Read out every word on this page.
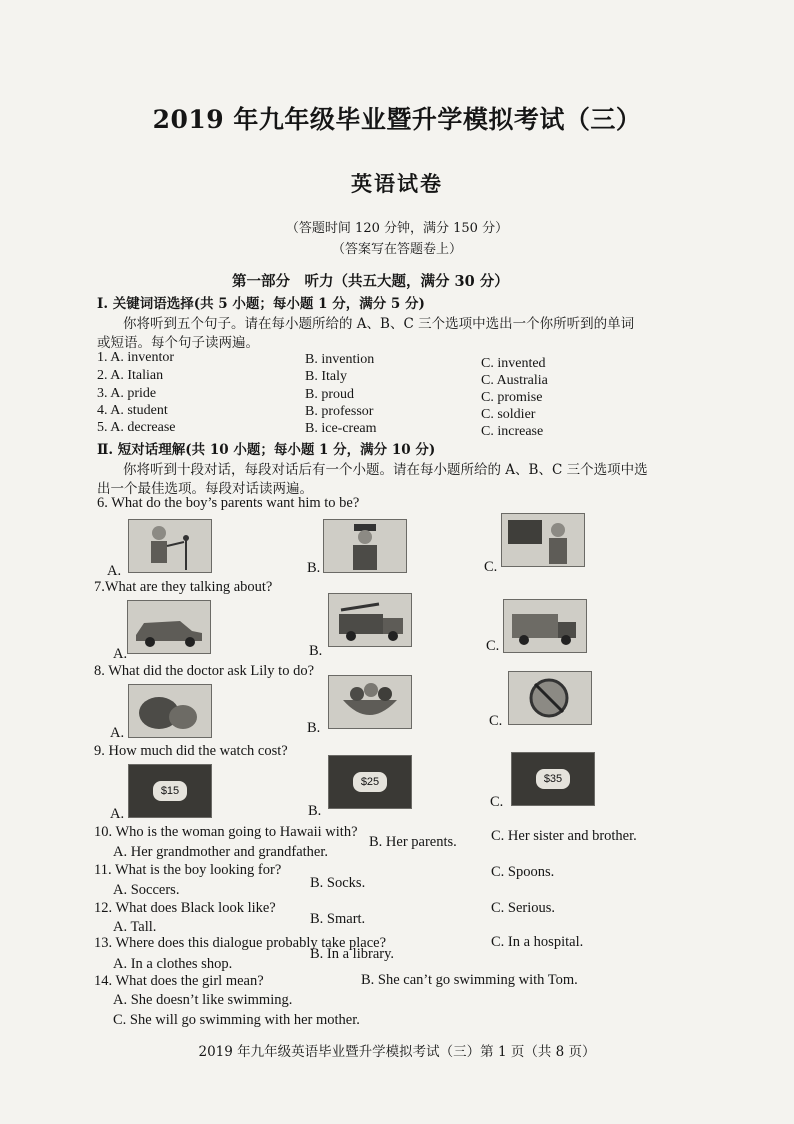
2019 年九年级毕业暨升学模拟考试（三）
英语试卷
（答题时间 120 分钟，满分 150 分）
（答案写在答题卷上）
第一部分　听力（共五大题，满分 30 分）
Ⅰ. 关键词语选择(共 5 小题；每小题 1 分，满分 5 分)
你将听到五个句子。请在每小题所给的 A、B、C 三个选项中选出一个你所听到的单词
或短语。每个句子读两遍。
1. A. inventor	B. invention	C. invented
2. A. Italian	B. Italy	C. Australia
3. A. pride	B. proud	C. promise
4. A. student	B. professor	C. soldier
5. A. decrease	B. ice-cream	C. increase
Ⅱ. 短对话理解(共 10 小题；每小题 1 分，满分 10 分)
你将听到十段对话，每段对话后有一个小题。请在每小题所给的 A、B、C 三个选项中选
出一个最佳选项。每段对话读两遍。
6. What do the boy’s parents want him to be?
A.	B.	C.
7.What are they talking about?
A.	B.	C.
8. What did the doctor ask Lily to do?
A.	B.	C.
9. How much did the watch cost?
A.
$15
B.
$25
C.
$35
10. Who is the woman going to Hawaii with?
A. Her grandmother and grandfather.
B. Her parents. C. Her sister and brother.
11. What is the boy looking for?
A. Soccers.	B. Socks.
C. Spoons.
12. What does Black look like?
A. Tall.	B. Smart.
C. Serious.
13. Where does this dialogue probably take place?
A. In a clothes shop.
B. In a library.
C. In a hospital.
14. What does the girl mean?	B. She can’t go swimming with Tom.
A. She doesn’t like swimming.
C. She will go swimming with her mother.
2019 年九年级英语毕业暨升学模拟考试（三）第 1 页（共 8 页）
